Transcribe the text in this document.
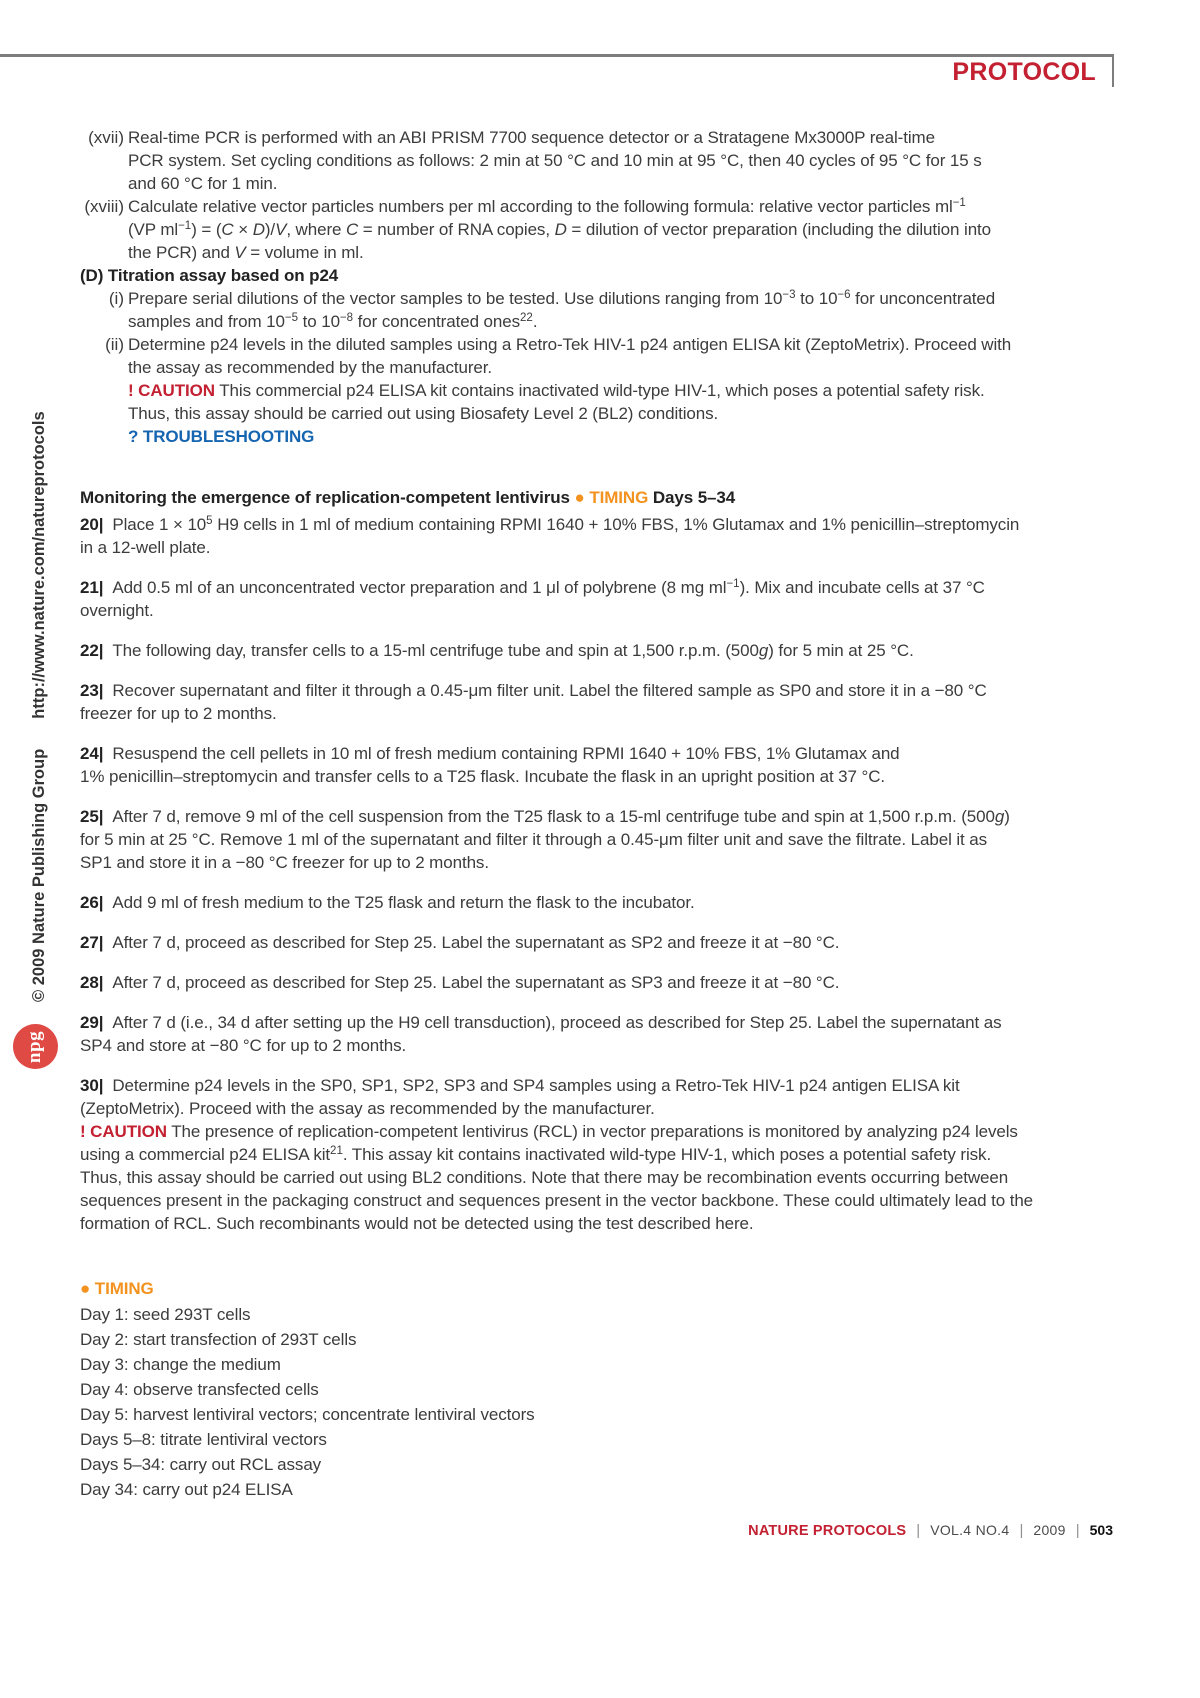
PROTOCOL
© 2009 Nature Publishing Grouphttp://www.nature.com/natureprotocols
npg
(xvii) Real-time PCR is performed with an ABI PRISM 7700 sequence detector or a Stratagene Mx3000P real-time
PCR system. Set cycling conditions as follows: 2 min at 50 °C and 10 min at 95 °C, then 40 cycles of 95 °C for 15 s
and 60 °C for 1 min.
(xviii) Calculate relative vector particles numbers per ml according to the following formula: relative vector particles $ml^{-1}$
(VP $ml^{-1}) = (C \times D)/V$, where C = number of RNA copies, D = dilution of vector preparation (including the dilution into
the PCR) and V = volume in ml.
(D) Titration assay based on p24
(i) Prepare serial dilutions of the vector samples to be tested. Use dilutions ranging from $10^{-3}$ to $10^{-6}$ for unconcentrated
samples and from $10^{-5}$ to $10^{-8}$ for concentrated ones$^{22}$.
(ii) Determine p24 levels in the diluted samples using a Retro-Tek HIV-1 p24 antigen ELISA kit (ZeptoMetrix). Proceed with
the assay as recommended by the manufacturer.
! CAUTION This commercial p24 ELISA kit contains inactivated wild-type HIV-1, which poses a potential safety risk.
Thus, this assay should be carried out using Biosafety Level 2 (BL2) conditions.
? TROUBLESHOOTING
Monitoring the emergence of replication-competent lentivirus ● TIMING Days 5–34
20| Place $1 \times 10^5$ H9 cells in 1 ml of medium containing RPMI 1640 + 10% FBS, 1% Glutamax and 1% penicillin–streptomycin
in a 12-well plate.
21| Add 0.5 ml of an unconcentrated vector preparation and 1 μl of polybrene (8 mg $ml^{-1}$). Mix and incubate cells at 37 °C
overnight.
22| The following day, transfer cells to a 15-ml centrifuge tube and spin at 1,500 r.p.m. (500g) for 5 min at 25 °C.
23| Recover supernatant and filter it through a 0.45-μm filter unit. Label the filtered sample as SP0 and store it in a −80 °C
freezer for up to 2 months.
24| Resuspend the cell pellets in 10 ml of fresh medium containing RPMI 1640 + 10% FBS, 1% Glutamax and
1% penicillin–streptomycin and transfer cells to a T25 flask. Incubate the flask in an upright position at 37 °C.
25| After 7 d, remove 9 ml of the cell suspension from the T25 flask to a 15-ml centrifuge tube and spin at 1,500 r.p.m. (500g)
for 5 min at 25 °C. Remove 1 ml of the supernatant and filter it through a 0.45-μm filter unit and save the filtrate. Label it as
SP1 and store it in a −80 °C freezer for up to 2 months.
26| Add 9 ml of fresh medium to the T25 flask and return the flask to the incubator.
27| After 7 d, proceed as described for Step 25. Label the supernatant as SP2 and freeze it at −80 °C.
28| After 7 d, proceed as described for Step 25. Label the supernatant as SP3 and freeze it at −80 °C.
29| After 7 d (i.e., 34 d after setting up the H9 cell transduction), proceed as described for Step 25. Label the supernatant as
SP4 and store at −80 °C for up to 2 months.
30| Determine p24 levels in the SP0, SP1, SP2, SP3 and SP4 samples using a Retro-Tek HIV-1 p24 antigen ELISA kit
(ZeptoMetrix). Proceed with the assay as recommended by the manufacturer.
! CAUTION The presence of replication-competent lentivirus (RCL) in vector preparations is monitored by analyzing p24 levels
using a commercial p24 ELISA kit$^{21}$. This assay kit contains inactivated wild-type HIV-1, which poses a potential safety risk.
Thus, this assay should be carried out using BL2 conditions. Note that there may be recombination events occurring between
sequences present in the packaging construct and sequences present in the vector backbone. These could ultimately lead to the
formation of RCL. Such recombinants would not be detected using the test described here.
● TIMING
Day 1: seed 293T cells
Day 2: start transfection of 293T cells
Day 3: change the medium
Day 4: observe transfected cells
Day 5: harvest lentiviral vectors; concentrate lentiviral vectors
Days 5–8: titrate lentiviral vectors
Days 5–34: carry out RCL assay
Day 34: carry out p24 ELISA
NATURE PROTOCOLS | VOL.4 NO.4 | 2009 | 503
